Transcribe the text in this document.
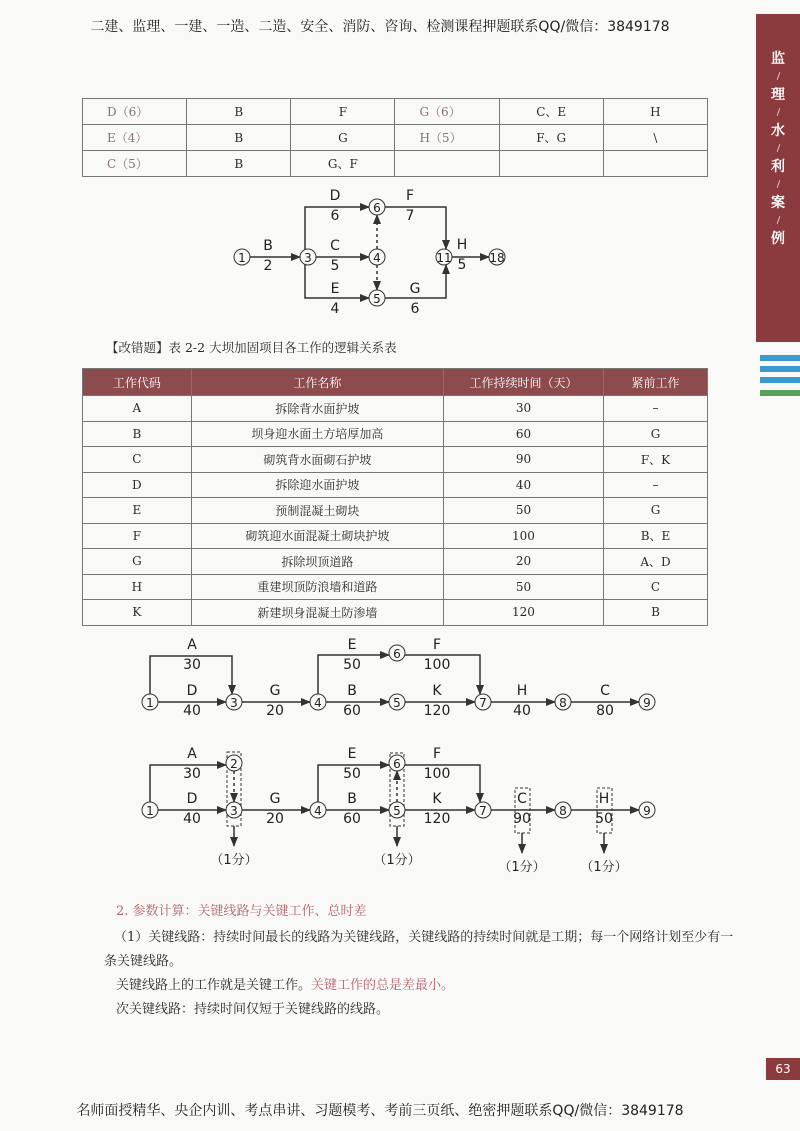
二建、监理、一建、一造、二造、安全、消防、咨询、检测课程押题联系QQ/微信：3849178
监
理
水
利
案
例
63
D（6）	B	F	G（6）	C、E	H
E（4）	B	G	H（5）	F、G	\
C（5）	B	G、F			
B
2
D
6
C
5
E
4
F
7
G
6
H
5
1	3	4
6
5
11	18
【改错题】表 2-2 大坝加固项目各工作的逻辑关系表
工作代码	工作名称	工作持续时间（天）	紧前工作
A	拆除背水面护坡	30	–
B	坝身迎水面土方培厚加高	60	G
C	砌筑背水面砌石护坡	90	F、K
D	拆除迎水面护坡	40	–
E	预制混凝土砌块	50	G
F	砌筑迎水面混凝土砌块护坡	100	B、E
G	拆除坝顶道路	20	A、D
H	重建坝顶防浪墙和道路	50	C
K	新建坝身混凝土防渗墙	120	B
A
30
D
40
G
20
E
50
B
60
F
100
K
120
H
40
C
80
1	3	4	5
6
7	8	9
A
30
D
40
G
20
E
50
B
60
F
100
K
120
C
90
H
50
1
2
3	4	5
6
7	8	9
（1分）	（1分）	（1分）	（1分）
2. 参数计算：关键线路与关键工作、总时差
（1）关键线路：持续时间最长的线路为关键线路，关键线路的持续时间就是工期；每一个网络计划至少有一条关键线路。
关键线路上的工作就是关键工作。关键工作的总是差最小。
次关键线路：持续时间仅短于关键线路的线路。
名师面授精华、央企内训、考点串讲、习题模考、考前三页纸、绝密押题联系QQ/微信：3849178
